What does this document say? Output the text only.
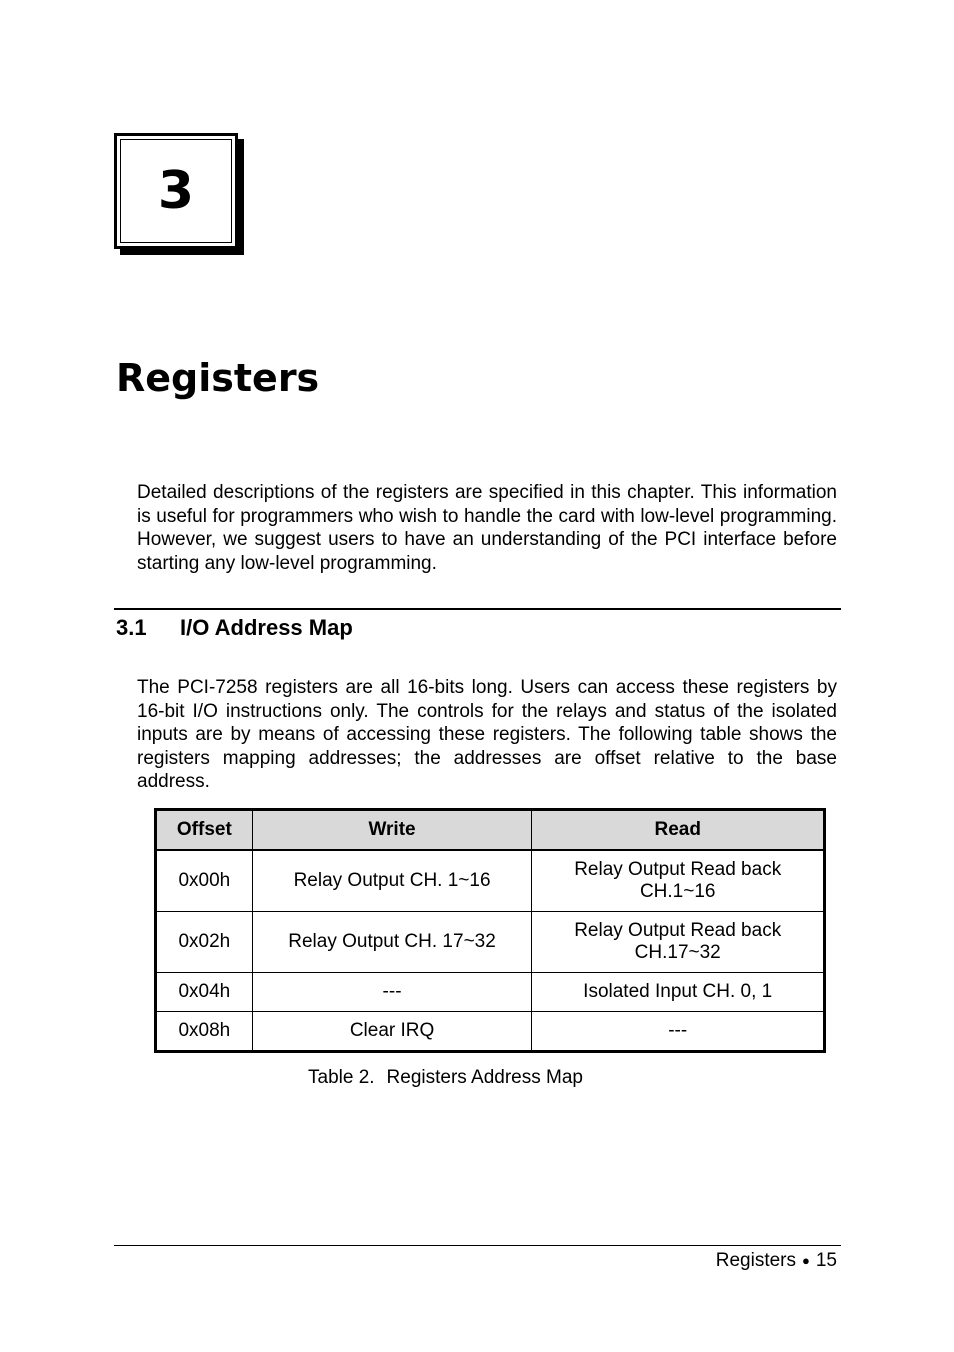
3
Registers

Detailed descriptions of the registers are specified in this chapter. This information is useful for programmers who wish to handle the card with low-level programming. However, we suggest users to have an understanding of the PCI interface before starting any low-level programming.

3.1	I/O Address Map

The PCI-7258 registers are all 16-bits long. Users can access these registers by 16-bit I/O instructions only. The controls for the relays and status of the isolated inputs are by means of accessing these registers. The following table shows the registers mapping addresses; the addresses are offset relative to the base address.

Offset	Write	Read
0x00h	Relay Output CH. 1~16	Relay Output Read back CH.1~16
0x02h	Relay Output CH. 17~32	Relay Output Read back CH.17~32
0x04h	---	Isolated Input CH. 0, 1
0x08h	Clear IRQ	---

Table 2. Registers Address Map

Registers ● 15
